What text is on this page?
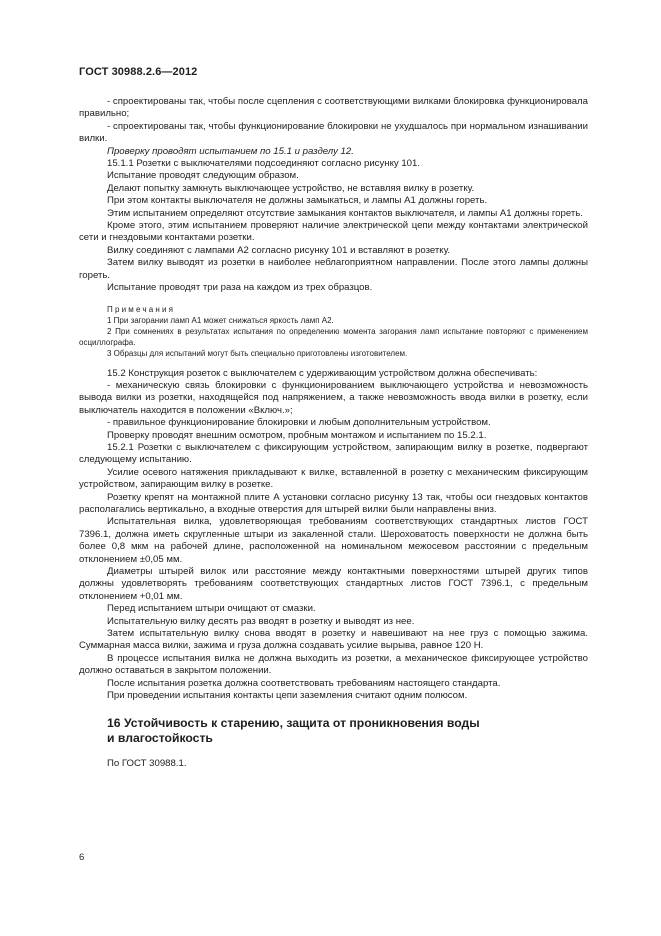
ГОСТ 30988.2.6—2012

- спроектированы так, чтобы после сцепления с соответствующими вилками блокировка функционировала правильно;

- спроектированы так, чтобы функционирование блокировки не ухудшалось при нормальном изнашивании вилки.

Проверку проводят испытанием по 15.1 и разделу 12.

15.1.1 Розетки с выключателями подсоединяют согласно рисунку 101.

Испытание проводят следующим образом.

Делают попытку замкнуть выключающее устройство, не вставляя вилку в розетку.

При этом контакты выключателя не должны замыкаться, и лампы А1 должны гореть.

Этим испытанием определяют отсутствие замыкания контактов выключателя, и лампы А1 должны гореть.

Кроме этого, этим испытанием проверяют наличие электрической цепи между контактами электрической сети и гнездовыми контактами розетки.

Вилку соединяют с лампами А2 согласно рисунку 101 и вставляют в розетку.

Затем вилку выводят из розетки в наиболее неблагоприятном направлении. После этого лампы должны гореть.

Испытание проводят три раза на каждом из трех образцов.

Примечания

1 При загорании ламп А1 может снижаться яркость ламп А2.

2 При сомнениях в результатах испытания по определению момента загорания ламп испытание повторяют с применением осциллографа.

3 Образцы для испытаний могут быть специально приготовлены изготовителем.

15.2 Конструкция розеток с выключателем с удерживающим устройством должна обеспечивать:

- механическую связь блокировки с функционированием выключающего устройства и невозможность вывода вилки из розетки, находящейся под напряжением, а также невозможность ввода вилки в розетку, если выключатель находится в положении «Включ.»;

- правильное функционирование блокировки и любым дополнительным устройством.

Проверку проводят внешним осмотром, пробным монтажом и испытанием по 15.2.1.

15.2.1 Розетки с выключателем с фиксирующим устройством, запирающим вилку в розетке, подвергают следующему испытанию.

Усилие осевого натяжения прикладывают к вилке, вставленной в розетку с механическим фиксирующим устройством, запирающим вилку в розетке.

Розетку крепят на монтажной плите А установки согласно рисунку 13 так, чтобы оси гнездовых контактов располагались вертикально, а входные отверстия для штырей вилки были направлены вниз.

Испытательная вилка, удовлетворяющая требованиям соответствующих стандартных листов ГОСТ 7396.1, должна иметь скругленные штыри из закаленной стали. Шероховатость поверхности не должна быть более 0,8 мкм на рабочей длине, расположенной на номинальном межосевом расстоянии с предельным отклонением ±0,05 мм.

Диаметры штырей вилок или расстояние между контактными поверхностями штырей других типов должны удовлетворять требованиям соответствующих стандартных листов ГОСТ 7396.1, с предельным отклонением +0,01 мм.

Перед испытанием штыри очищают от смазки.

Испытательную вилку десять раз вводят в розетку и выводят из нее.

Затем испытательную вилку снова вводят в розетку и навешивают на нее груз с помощью зажима. Суммарная масса вилки, зажима и груза должна создавать усилие вырыва, равное 120 Н.

В процессе испытания вилка не должна выходить из розетки, а механическое фиксирующее устройство должно оставаться в закрытом положении.

После испытания розетка должна соответствовать требованиям настоящего стандарта.

При проведении испытания контакты цепи заземления считают одним полюсом.

16 Устойчивость к старению, защита от проникновения воды

и влагостойкость

По ГОСТ 30988.1.

6
